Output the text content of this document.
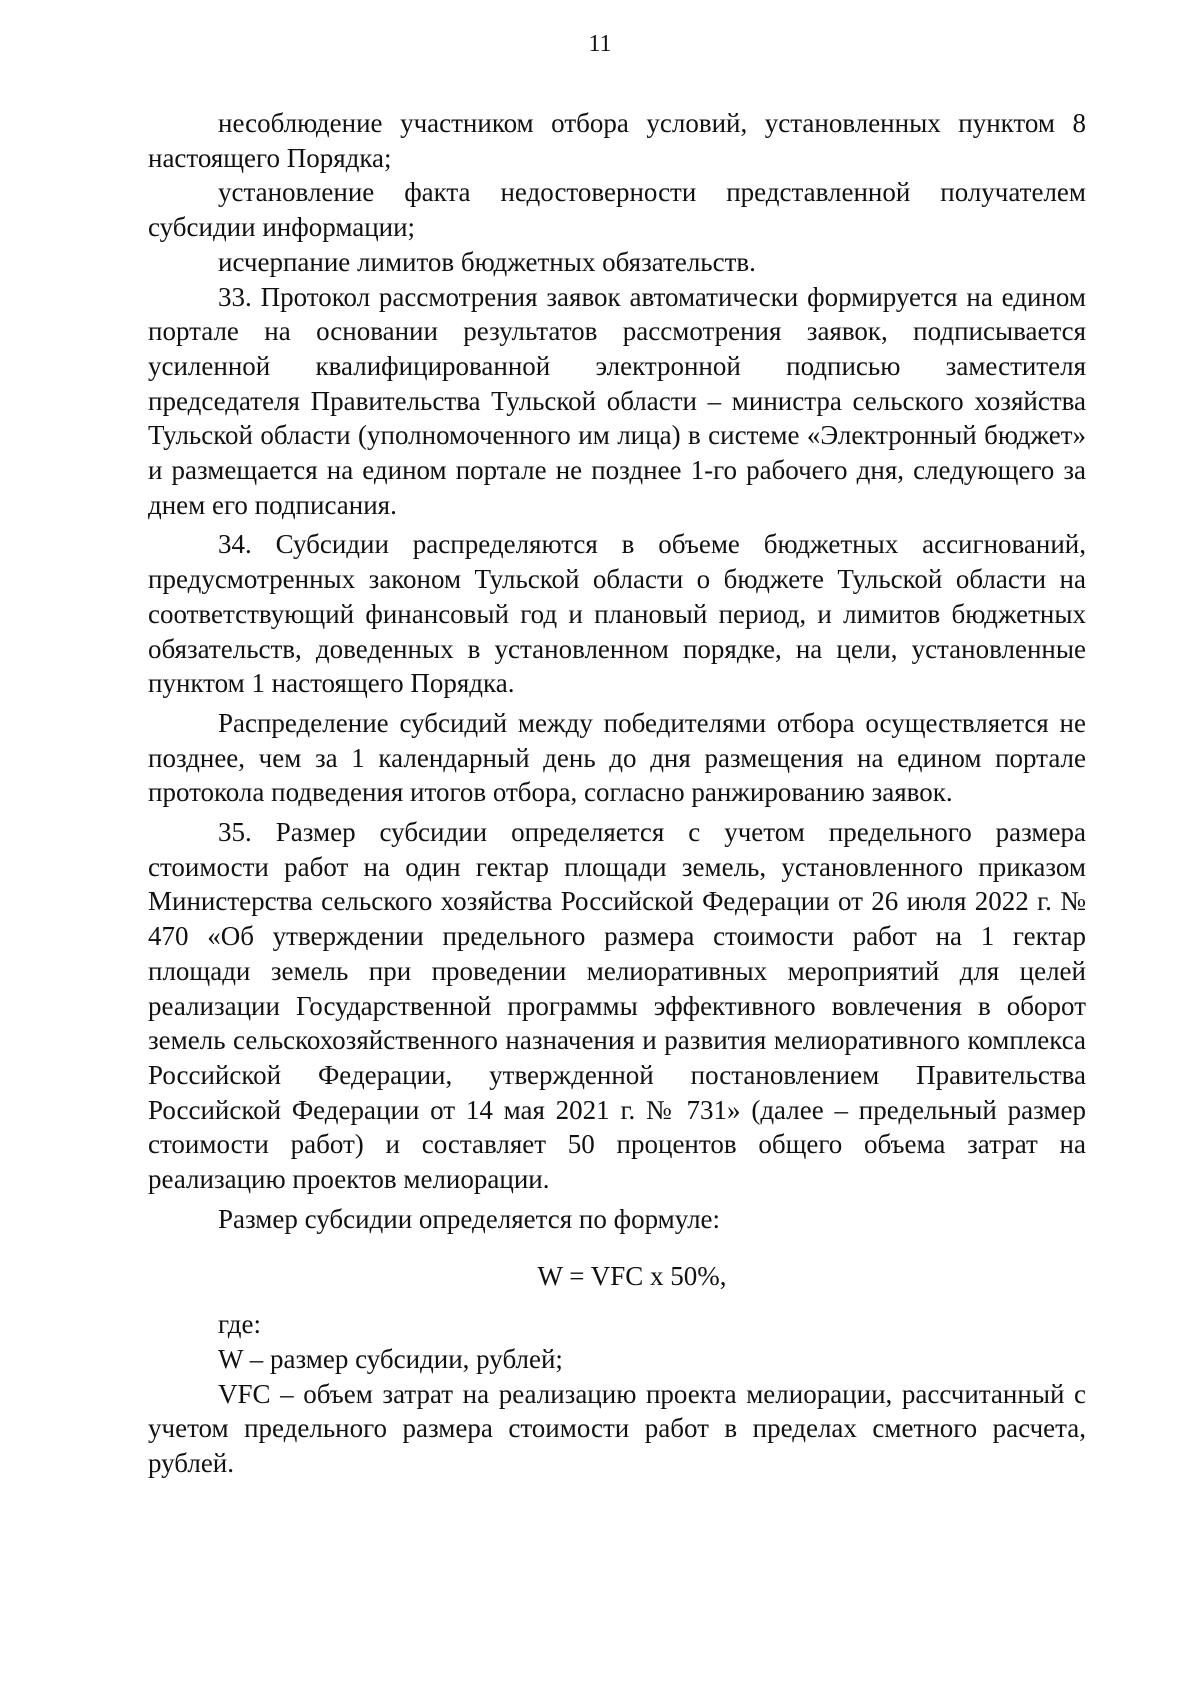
11

несоблюдение участником отбора условий, установленных пунктом 8 настоящего Порядка;

установление факта недостоверности представленной получателем субсидии информации;

исчерпание лимитов бюджетных обязательств.

33. Протокол рассмотрения заявок автоматически формируется на едином портале на основании результатов рассмотрения заявок, подписывается усиленной квалифицированной электронной подписью заместителя председателя Правительства Тульской области – министра сельского хозяйства Тульской области (уполномоченного им лица) в системе «Электронный бюджет» и размещается на едином портале не позднее 1-го рабочего дня, следующего за днем его подписания.

34. Субсидии распределяются в объеме бюджетных ассигнований, предусмотренных законом Тульской области о бюджете Тульской области на соответствующий финансовый год и плановый период, и лимитов бюджетных обязательств, доведенных в установленном порядке, на цели, установленные пунктом 1 настоящего Порядка.

Распределение субсидий между победителями отбора осуществляется не позднее, чем за 1 календарный день до дня размещения на едином портале протокола подведения итогов отбора, согласно ранжированию заявок.

35. Размер субсидии определяется с учетом предельного размера стоимости работ на один гектар площади земель, установленного приказом Министерства сельского хозяйства Российской Федерации от 26 июля 2022 г. № 470 «Об утверждении предельного размера стоимости работ на 1 гектар площади земель при проведении мелиоративных мероприятий для целей реализации Государственной программы эффективного вовлечения в оборот земель сельскохозяйственного назначения и развития мелиоративного комплекса Российской Федерации, утвержденной постановлением Правительства Российской Федерации от 14 мая 2021 г. № 731» (далее – предельный размер стоимости работ) и составляет 50 процентов общего объема затрат на реализацию проектов мелиорации.

Размер субсидии определяется по формуле:

W = VFC x 50%,

где:

W – размер субсидии, рублей;

VFC – объем затрат на реализацию проекта мелиорации, рассчитанный с учетом предельного размера стоимости работ в пределах сметного расчета, рублей.
